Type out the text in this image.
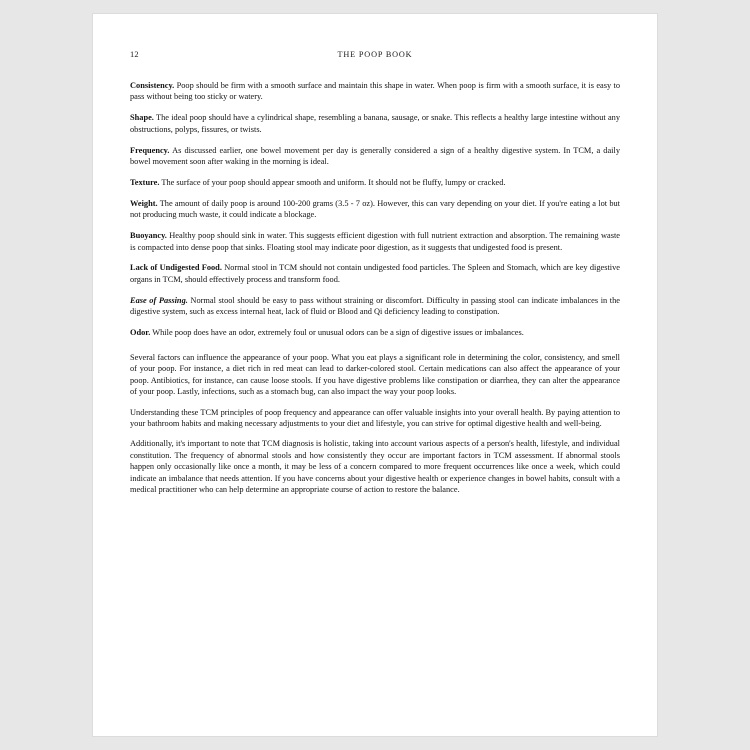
12	THE POOP BOOK

Consistency. Poop should be firm with a smooth surface and maintain this shape in water. When poop is firm with a smooth surface, it is easy to pass without being too sticky or watery.

Shape. The ideal poop should have a cylindrical shape, resembling a banana, sausage, or snake. This reflects a healthy large intestine without any obstructions, polyps, fissures, or twists.

Frequency. As discussed earlier, one bowel movement per day is generally considered a sign of a healthy digestive system. In TCM, a daily bowel movement soon after waking in the morning is ideal.

Texture. The surface of your poop should appear smooth and uniform. It should not be fluffy, lumpy or cracked.

Weight. The amount of daily poop is around 100-200 grams (3.5 - 7 oz). However, this can vary depending on your diet. If you're eating a lot but not producing much waste, it could indicate a blockage.

Buoyancy. Healthy poop should sink in water. This suggests efficient digestion with full nutrient extraction and absorption. The remaining waste is compacted into dense poop that sinks. Floating stool may indicate poor digestion, as it suggests that undigested food is present.

Lack of Undigested Food. Normal stool in TCM should not contain undigested food particles. The Spleen and Stomach, which are key digestive organs in TCM, should effectively process and transform food.

Ease of Passing. Normal stool should be easy to pass without straining or discomfort. Difficulty in passing stool can indicate imbalances in the digestive system, such as excess internal heat, lack of fluid or Blood and Qi deficiency leading to constipation.

Odor. While poop does have an odor, extremely foul or unusual odors can be a sign of digestive issues or imbalances.

Several factors can influence the appearance of your poop. What you eat plays a significant role in determining the color, consistency, and smell of your poop. For instance, a diet rich in red meat can lead to darker-colored stool. Certain medications can also affect the appearance of your poop. Antibiotics, for instance, can cause loose stools. If you have digestive problems like constipation or diarrhea, they can alter the appearance of your poop. Lastly, infections, such as a stomach bug, can also impact the way your poop looks.

Understanding these TCM principles of poop frequency and appearance can offer valuable insights into your overall health. By paying attention to your bathroom habits and making necessary adjustments to your diet and lifestyle, you can strive for optimal digestive health and well-being.

Additionally, it's important to note that TCM diagnosis is holistic, taking into account various aspects of a person's health, lifestyle, and individual constitution. The frequency of abnormal stools and how consistently they occur are important factors in TCM assessment. If abnormal stools happen only occasionally like once a month, it may be less of a concern compared to more frequent occurrences like once a week, which could indicate an imbalance that needs attention. If you have concerns about your digestive health or experience changes in bowel habits, consult with a medical practitioner who can help determine an appropriate course of action to restore the balance.
